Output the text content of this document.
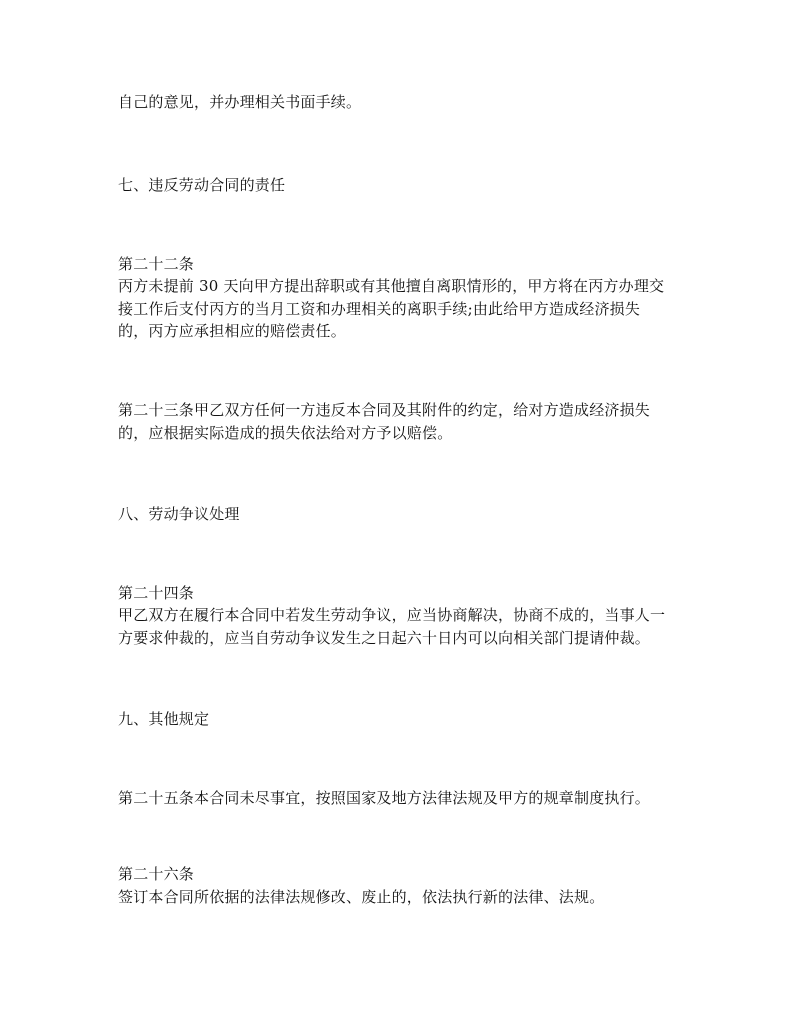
自己的意见，并办理相关书面手续。
七、违反劳动合同的责任
第二十二条
丙方未提前 30 天向甲方提出辞职或有其他擅自离职情形的，甲方将在丙方办理交
接工作后支付丙方的当月工资和办理相关的离职手续;由此给甲方造成经济损失
的，丙方应承担相应的赔偿责任。
第二十三条甲乙双方任何一方违反本合同及其附件的约定，给对方造成经济损失
的，应根据实际造成的损失依法给对方予以赔偿。
八、劳动争议处理
第二十四条
甲乙双方在履行本合同中若发生劳动争议，应当协商解决，协商不成的，当事人一
方要求仲裁的，应当自劳动争议发生之日起六十日内可以向相关部门提请仲裁。
九、其他规定
第二十五条本合同未尽事宜，按照国家及地方法律法规及甲方的规章制度执行。
第二十六条
签订本合同所依据的法律法规修改、废止的，依法执行新的法律、法规。
